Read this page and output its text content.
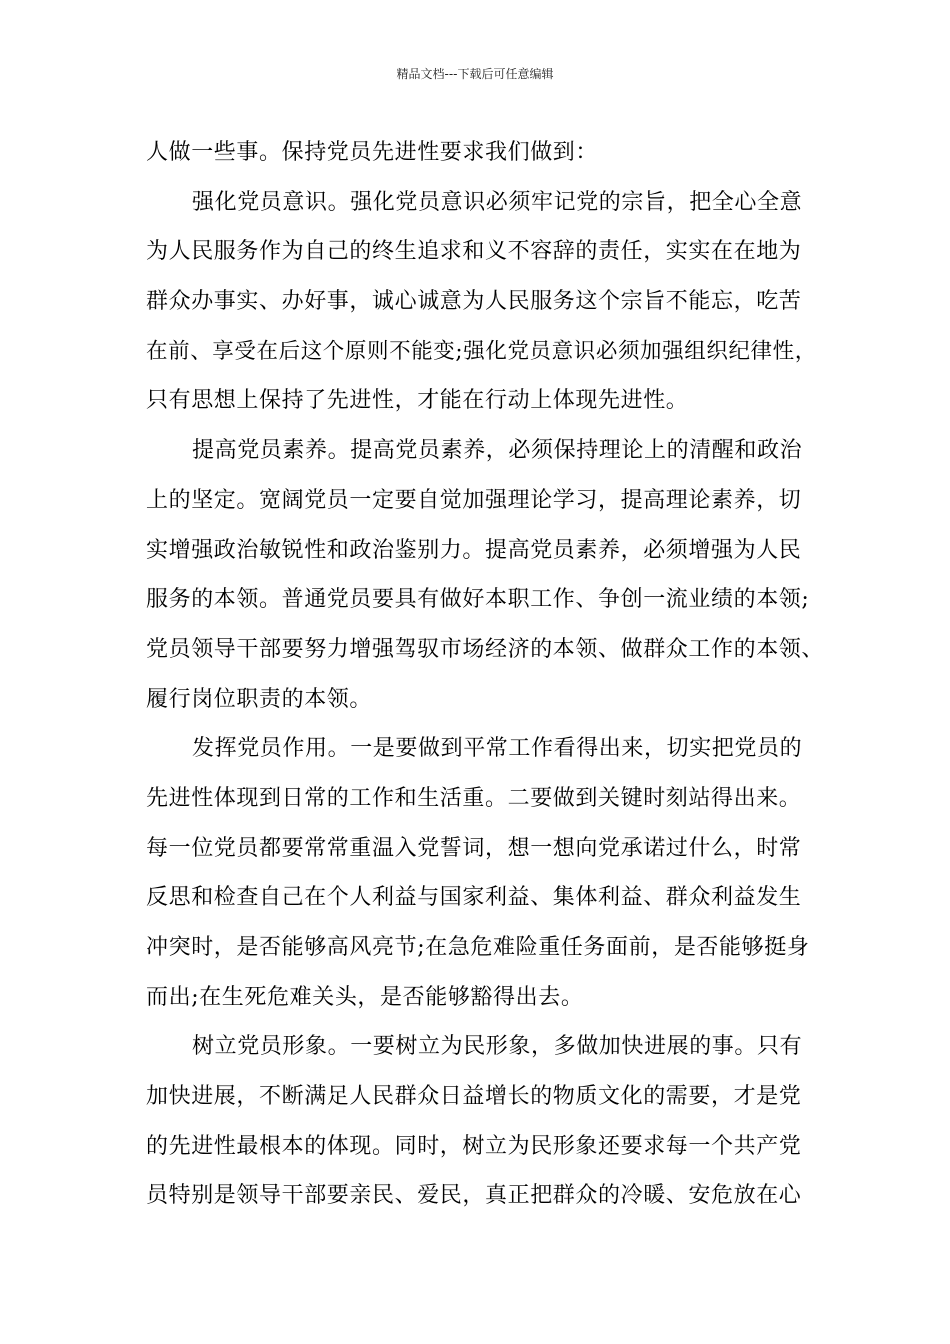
精品文档---下载后可任意编辑
人做一些事。保持党员先进性要求我们做到：
强化党员意识。强化党员意识必须牢记党的宗旨，把全心全意
为人民服务作为自己的终生追求和义不容辞的责任，实实在在地为
群众办事实、办好事，诚心诚意为人民服务这个宗旨不能忘，吃苦
在前、享受在后这个原则不能变;强化党员意识必须加强组织纪律性，
只有思想上保持了先进性，才能在行动上体现先进性。
提高党员素养。提高党员素养，必须保持理论上的清醒和政治
上的坚定。宽阔党员一定要自觉加强理论学习，提高理论素养，切
实增强政治敏锐性和政治鉴别力。提高党员素养，必须增强为人民
服务的本领。普通党员要具有做好本职工作、争创一流业绩的本领;
党员领导干部要努力增强驾驭市场经济的本领、做群众工作的本领、
履行岗位职责的本领。
发挥党员作用。一是要做到平常工作看得出来，切实把党员的
先进性体现到日常的工作和生活重。二要做到关键时刻站得出来。
每一位党员都要常常重温入党誓词，想一想向党承诺过什么，时常
反思和检查自己在个人利益与国家利益、集体利益、群众利益发生
冲突时，是否能够高风亮节;在急危难险重任务面前，是否能够挺身
而出;在生死危难关头，是否能够豁得出去。
树立党员形象。一要树立为民形象，多做加快进展的事。只有
加快进展，不断满足人民群众日益增长的物质文化的需要，才是党
的先进性最根本的体现。同时，树立为民形象还要求每一个共产党
员特别是领导干部要亲民、爱民，真正把群众的冷暖、安危放在心
